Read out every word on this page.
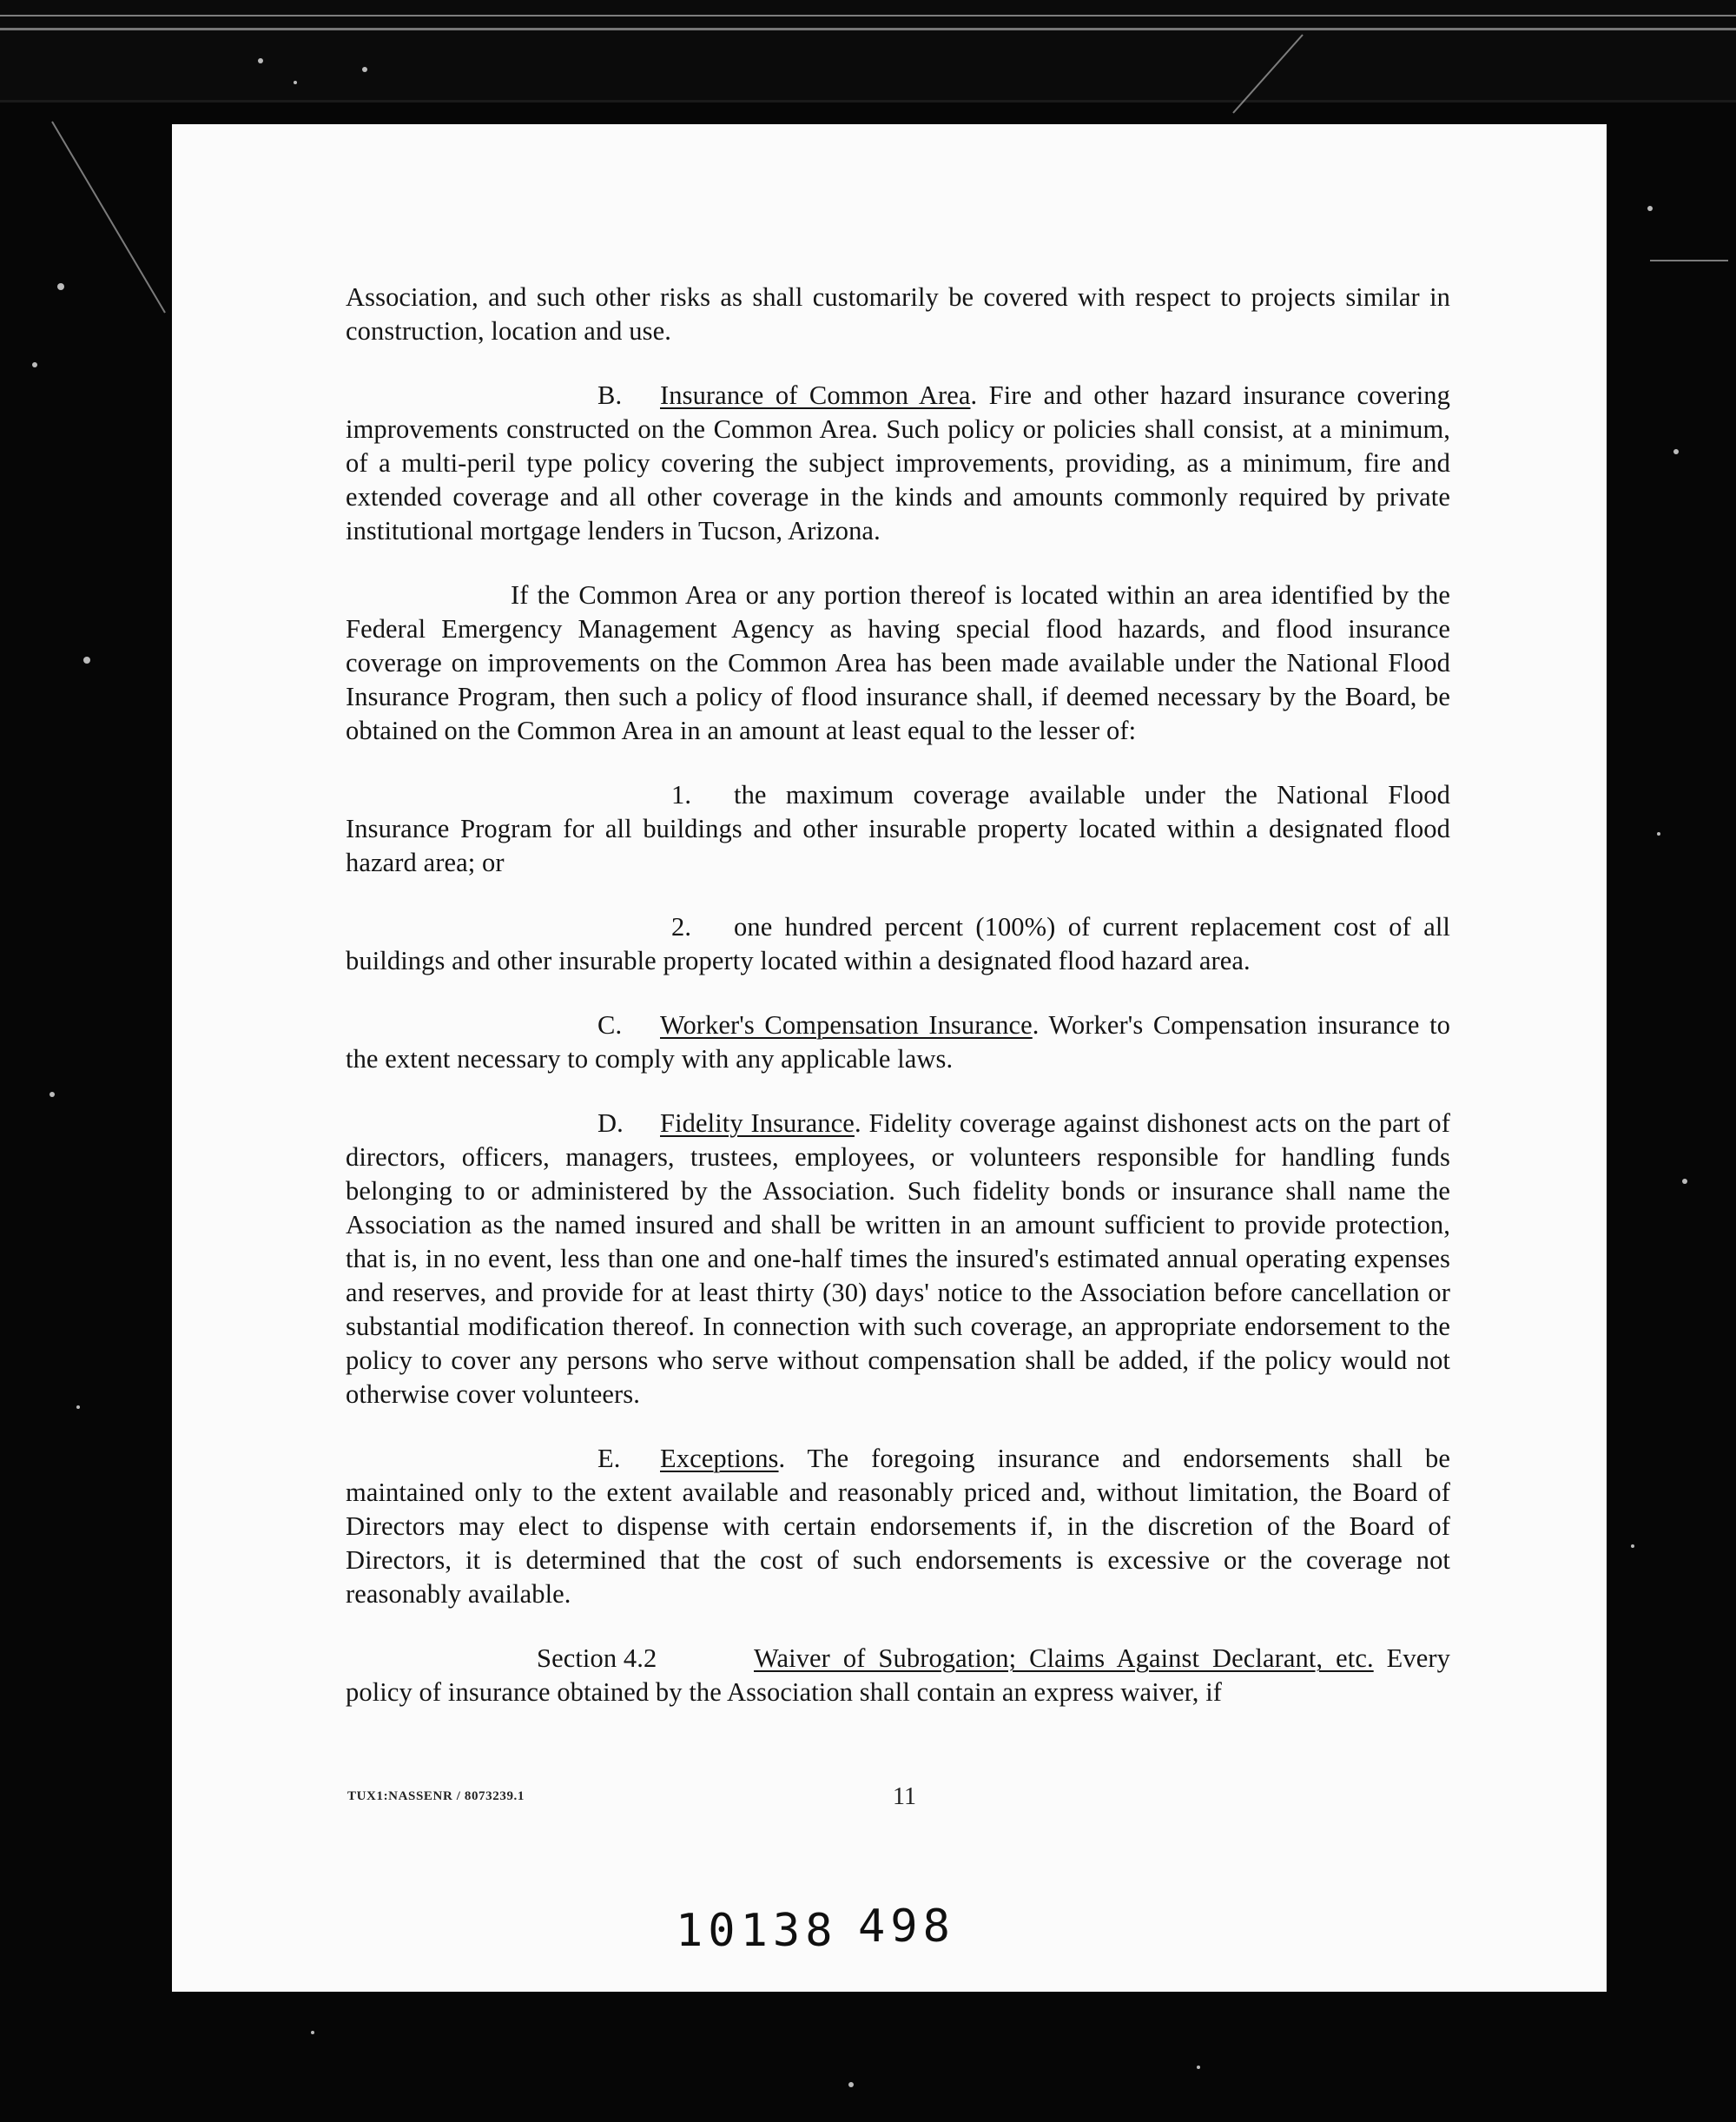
Association, and such other risks as shall customarily be covered with respect to projects similar in construction, location and use.

B. Insurance of Common Area. Fire and other hazard insurance covering improvements constructed on the Common Area. Such policy or policies shall consist, at a minimum, of a multi-peril type policy covering the subject improvements, providing, as a minimum, fire and extended coverage and all other coverage in the kinds and amounts commonly required by private institutional mortgage lenders in Tucson, Arizona.

If the Common Area or any portion thereof is located within an area identified by the Federal Emergency Management Agency as having special flood hazards, and flood insurance coverage on improvements on the Common Area has been made available under the National Flood Insurance Program, then such a policy of flood insurance shall, if deemed necessary by the Board, be obtained on the Common Area in an amount at least equal to the lesser of:

1. the maximum coverage available under the National Flood Insurance Program for all buildings and other insurable property located within a designated flood hazard area; or

2. one hundred percent (100%) of current replacement cost of all buildings and other insurable property located within a designated flood hazard area.

C. Worker's Compensation Insurance. Worker's Compensation insurance to the extent necessary to comply with any applicable laws.

D. Fidelity Insurance. Fidelity coverage against dishonest acts on the part of directors, officers, managers, trustees, employees, or volunteers responsible for handling funds belonging to or administered by the Association. Such fidelity bonds or insurance shall name the Association as the named insured and shall be written in an amount sufficient to provide protection, that is, in no event, less than one and one-half times the insured's estimated annual operating expenses and reserves, and provide for at least thirty (30) days' notice to the Association before cancellation or substantial modification thereof. In connection with such coverage, an appropriate endorsement to the policy to cover any persons who serve without compensation shall be added, if the policy would not otherwise cover volunteers.

E. Exceptions. The foregoing insurance and endorsements shall be maintained only to the extent available and reasonably priced and, without limitation, the Board of Directors may elect to dispense with certain endorsements if, in the discretion of the Board of Directors, it is determined that the cost of such endorsements is excessive or the coverage not reasonably available.

Section 4.2	Waiver of Subrogation; Claims Against Declarant, etc. Every policy of insurance obtained by the Association shall contain an express waiver, if

TUX1:NASSENR / 8073239.1	11
10138 498
